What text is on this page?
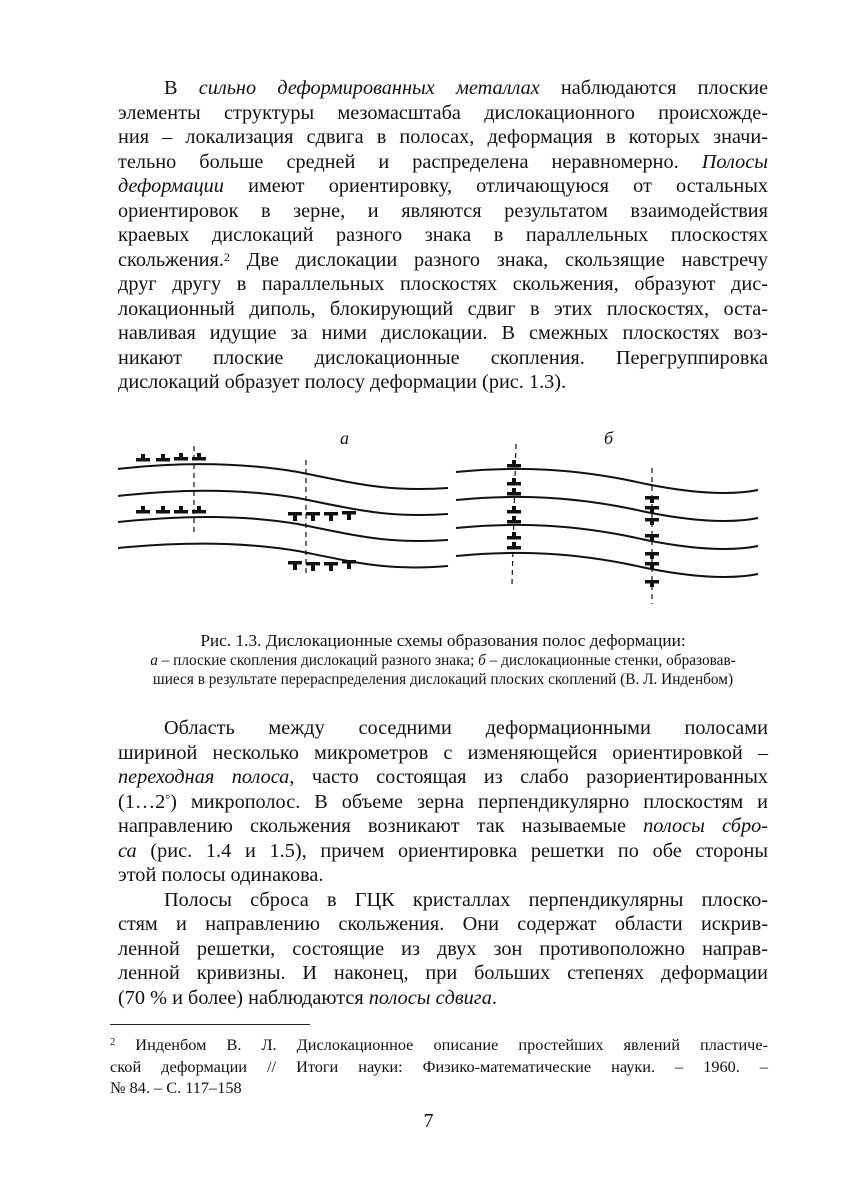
В сильно деформированных металлах наблюдаются плоские
элементы структуры мезомасштаба дислокационного происхожде-
ния – локализация сдвига в полосах, деформация в которых значи-
тельно больше средней и распределена неравномерно. Полосы
деформации имеют ориентировку, отличающуюся от остальных
ориентировок в зерне, и являются результатом взаимодействия
краевых дислокаций разного знака в параллельных плоскостях
скольжения.$^2$ Две дислокации разного знака, скользящие навстречу
друг другу в параллельных плоскостях скольжения, образуют дис-
локационный диполь, блокирующий сдвиг в этих плоскостях, оста-
навливая идущие за ними дислокации. В смежных плоскостях воз-
никают плоские дислокационные скопления. Перегруппировка
дислокаций образует полосу деформации (рис. 1.3).

а	б
Рис. 1.3. Дислокационные схемы образования полос деформации:
а – плоские скопления дислокаций разного знака; б – дислокационные стенки, образовав-
шиеся в результате перераспределения дислокаций плоских скоплений (В. Л. Инденбом)

Область между соседними деформационными полосами
шириной несколько микрометров с изменяющейся ориентировкой –
переходная полоса, часто состоящая из слабо разориентированных
(1…2°) микрополос. В объеме зерна перпендикулярно плоскостям и
направлению скольжения возникают так называемые полосы сбро-
са (рис. 1.4 и 1.5), причем ориентировка решетки по обе стороны
этой полосы одинакова.

Полосы сброса в ГЦК кристаллах перпендикулярны плоско-
стям и направлению скольжения. Они содержат области искрив-
ленной решетки, состоящие из двух зон противоположно направ-
ленной кривизны. И наконец, при больших степенях деформации
(70 % и более) наблюдаются полосы сдвига.

$^2$ Инденбом В. Л. Дислокационное описание простейших явлений пластиче-
ской деформации // Итоги науки: Физико-математические науки. – 1960. –
№ 84. – С. 117–158
7
